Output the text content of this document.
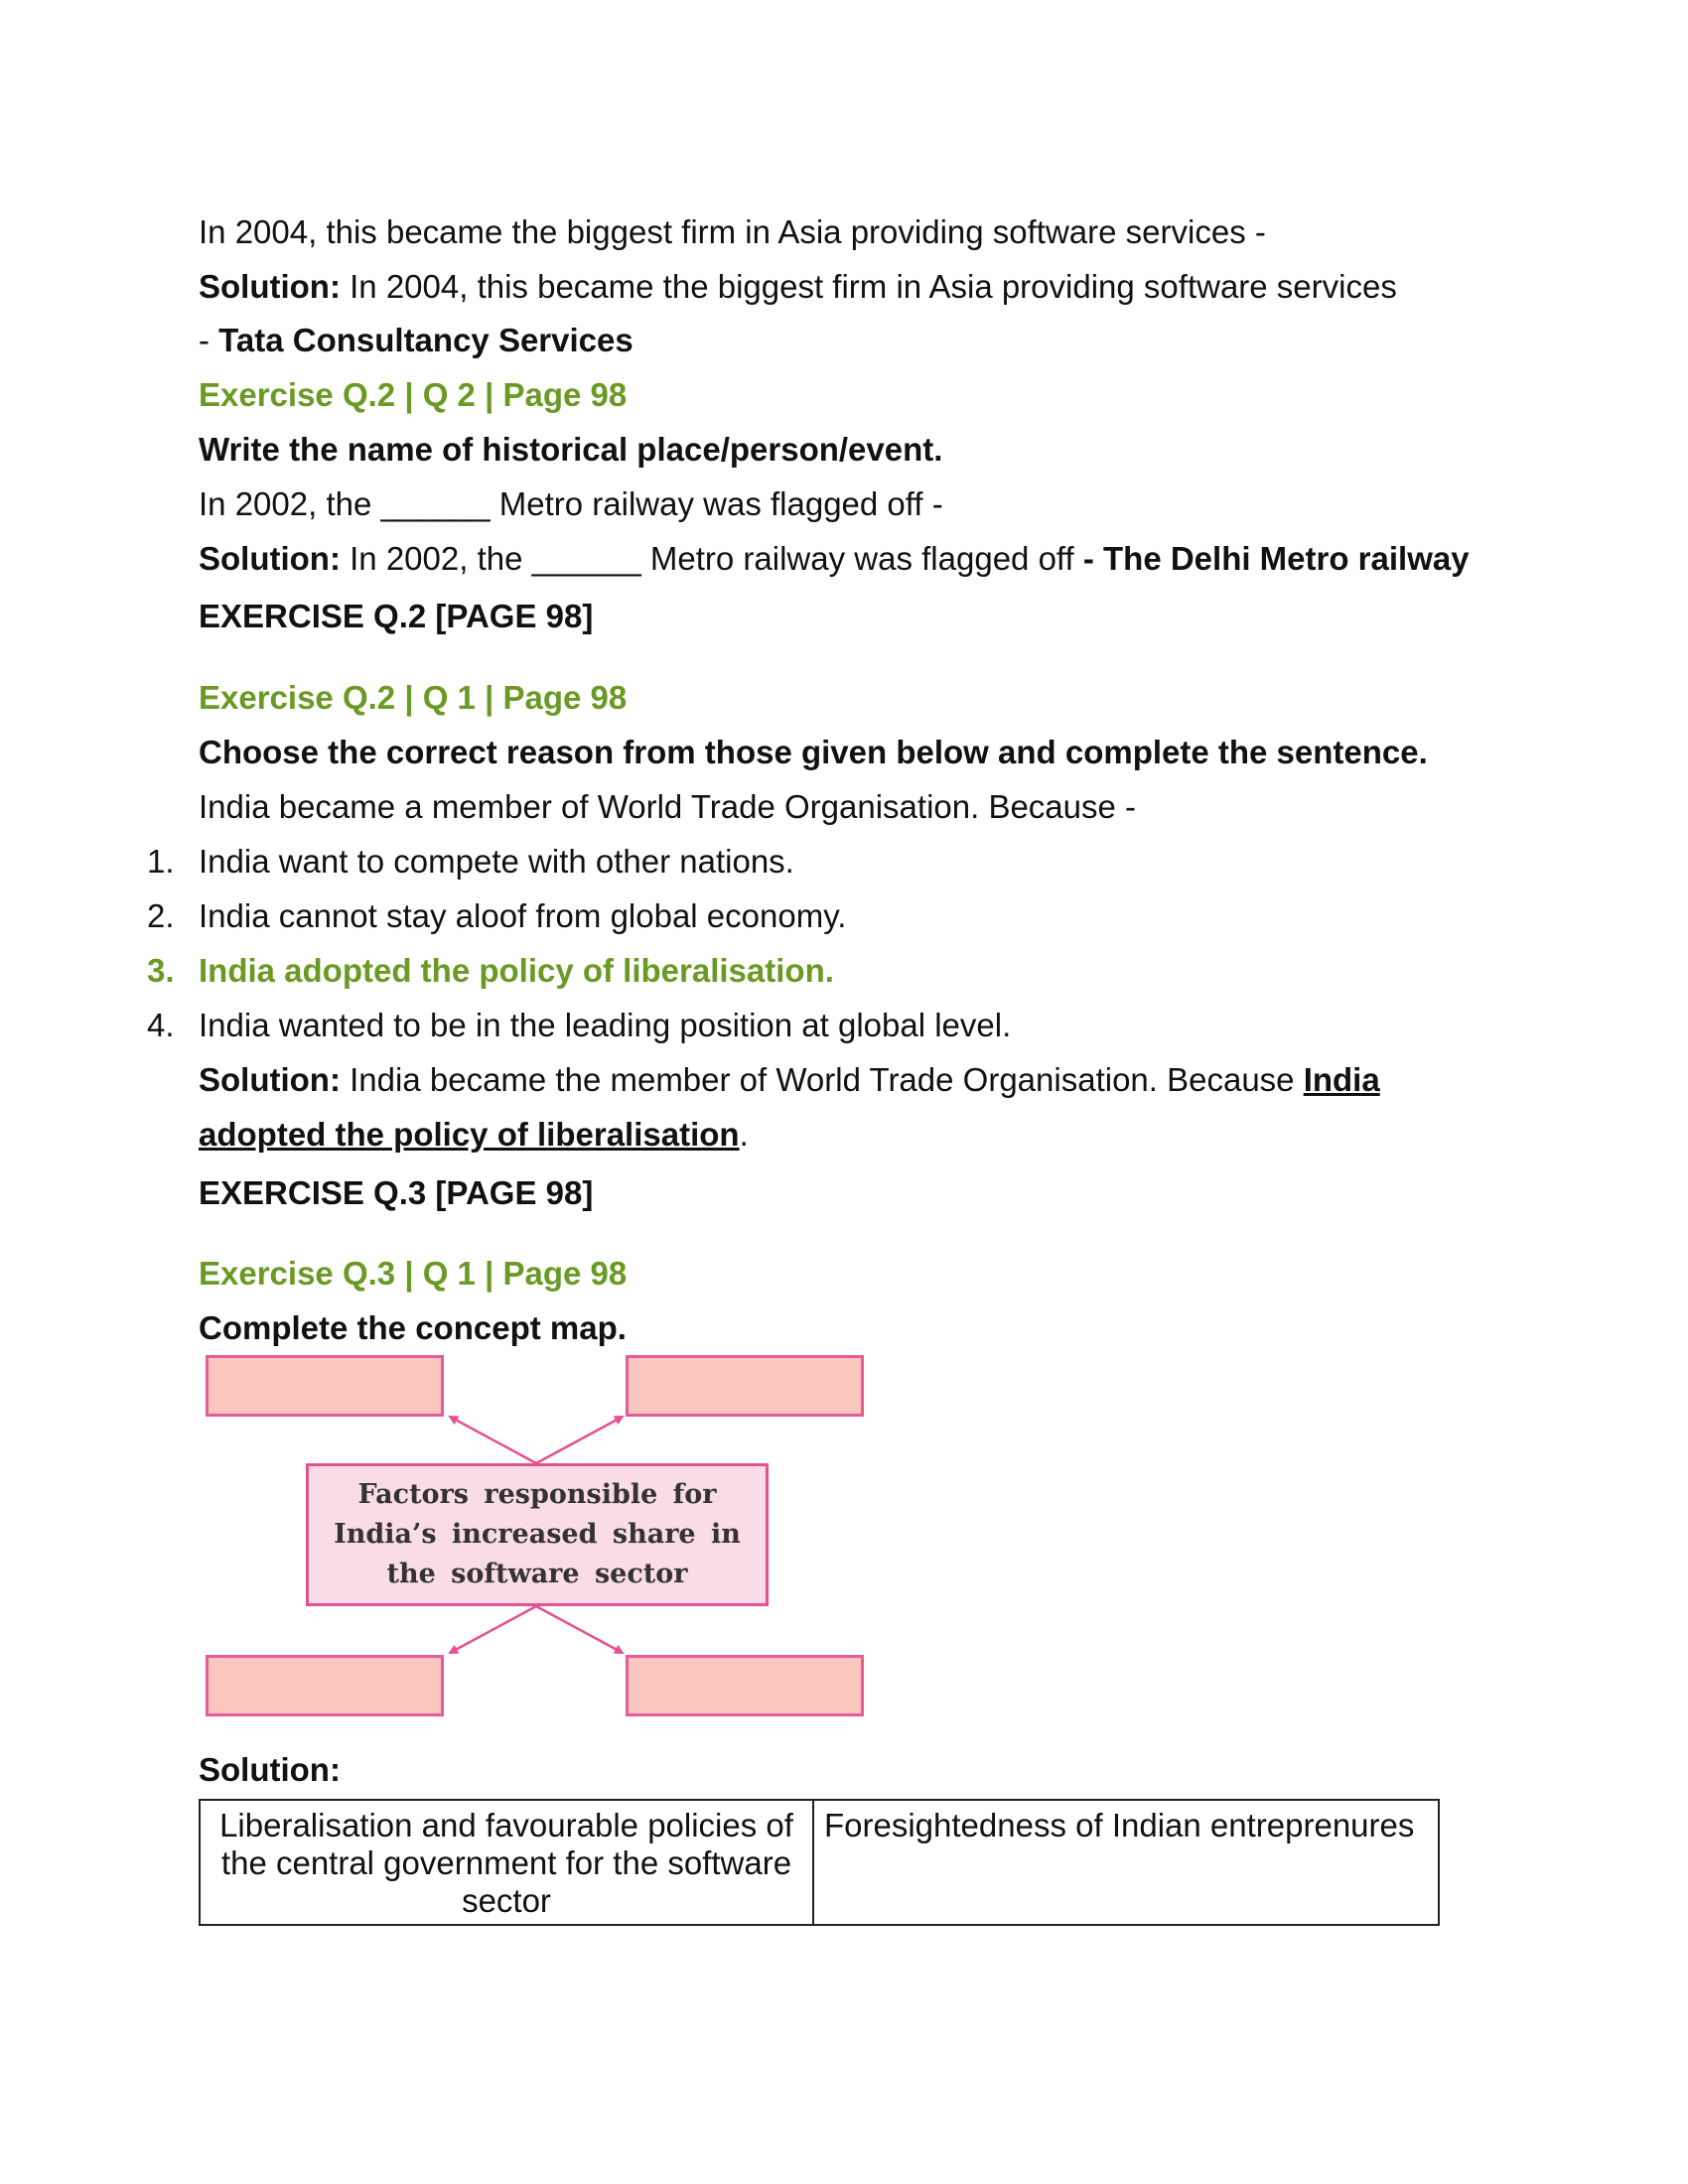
In 2004, this became the biggest firm in Asia providing software services -
Solution: In 2004, this became the biggest firm in Asia providing software services
- Tata Consultancy Services
Exercise Q.2 | Q 2 | Page 98
Write the name of historical place/person/event.
In 2002, the ______ Metro railway was flagged off -
Solution: In 2002, the ______ Metro railway was flagged off - The Delhi Metro railway
EXERCISE Q.2 [PAGE 98]
Exercise Q.2 | Q 1 | Page 98
Choose the correct reason from those given below and complete the sentence.
India became a member of World Trade Organisation. Because -
1. India want to compete with other nations.
2. India cannot stay aloof from global economy.
3. India adopted the policy of liberalisation.
4. India wanted to be in the leading position at global level.
Solution: India became the member of World Trade Organisation. Because India
adopted the policy of liberalisation.
EXERCISE Q.3 [PAGE 98]
Exercise Q.3 | Q 1 | Page 98
Complete the concept map.
Factors responsible for India’s increased share in the software sector
Solution:
Liberalisation and favourable policies of the central government for the software sector	Foresightedness of Indian entreprenures
